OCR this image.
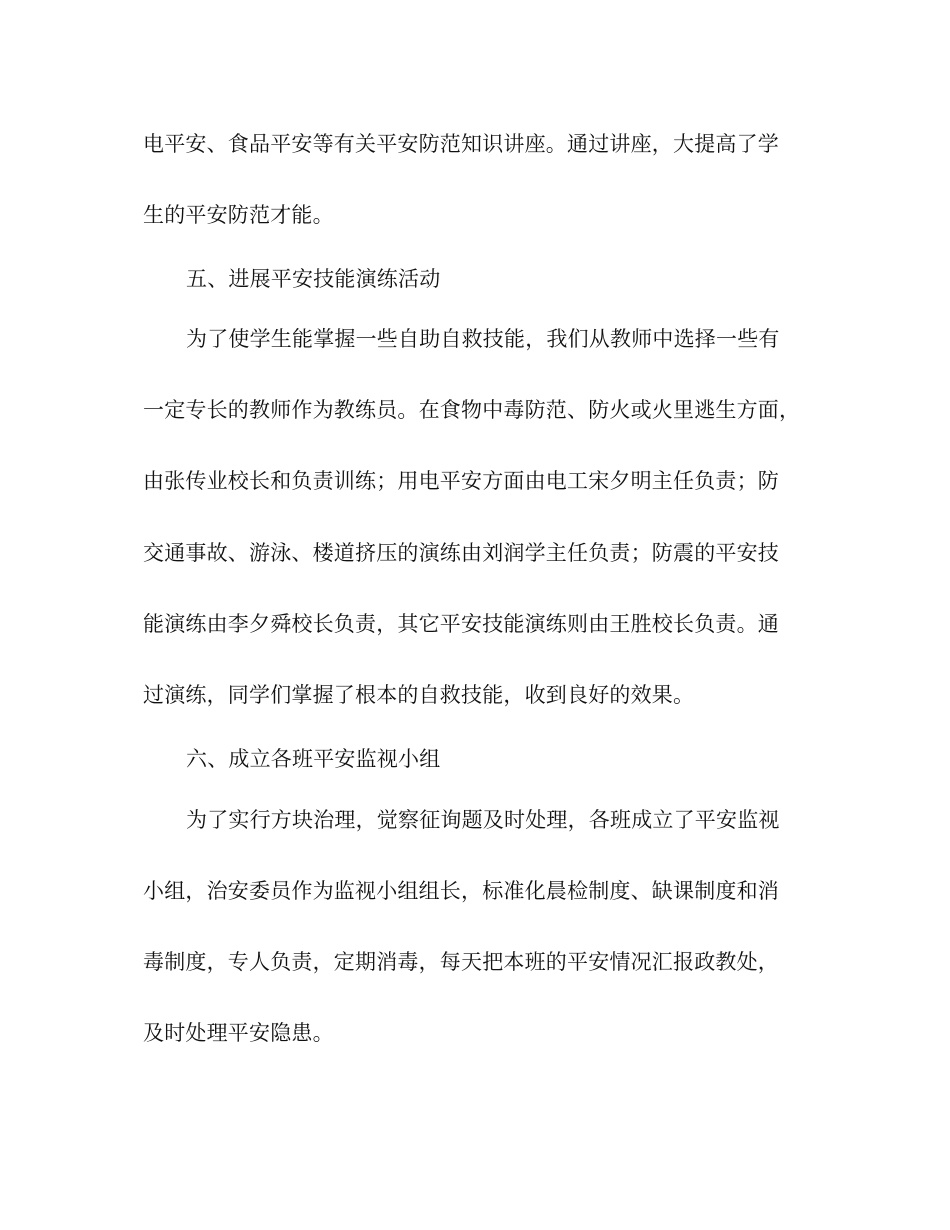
电平安、食品平安等有关平安防范知识讲座。通过讲座，大提高了学
生的平安防范才能。
五、进展平安技能演练活动
为了使学生能掌握一些自助自救技能，我们从教师中选择一些有
一定专长的教师作为教练员。在食物中毒防范、防火或火里逃生方面，
由张传业校长和负责训练；用电平安方面由电工宋夕明主任负责；防
交通事故、游泳、楼道挤压的演练由刘润学主任负责；防震的平安技
能演练由李夕舜校长负责，其它平安技能演练则由王胜校长负责。通
过演练，同学们掌握了根本的自救技能，收到良好的效果。
六、成立各班平安监视小组
为了实行方块治理，觉察征询题及时处理，各班成立了平安监视
小组，治安委员作为监视小组组长，标准化晨检制度、缺课制度和消
毒制度，专人负责，定期消毒，每天把本班的平安情况汇报政教处，
及时处理平安隐患。
